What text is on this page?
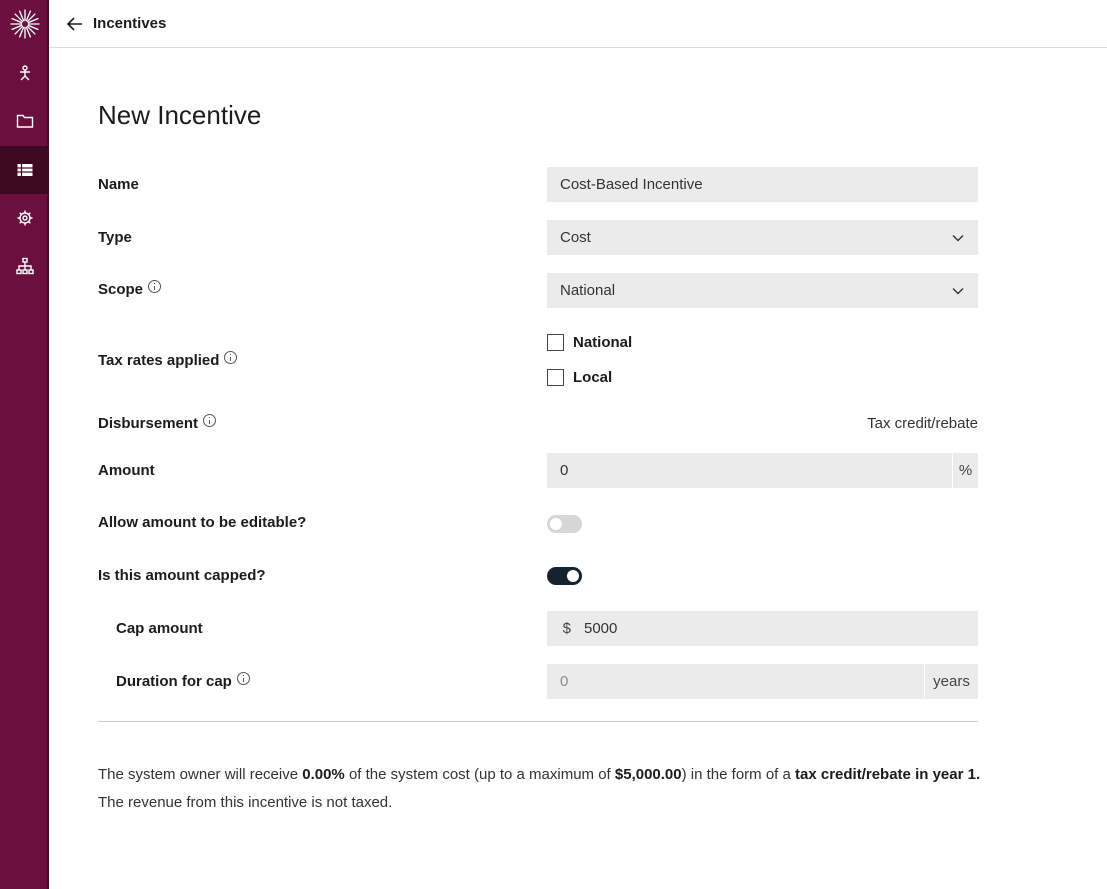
Incentives
New Incentive
Name	Cost-Based Incentive
Type	Cost
Scope	National
Tax rates applied
National
Local
Disbursement	Tax credit/rebate
Amount	0	%
Allow amount to be editable?
Is this amount capped?
Cap amount	$ 5000
Duration for cap	0	years
The system owner will receive 0.00% of the system cost (up to a maximum of $5,000.00) in the form of a tax credit/rebate in year 1.
The revenue from this incentive is not taxed.
